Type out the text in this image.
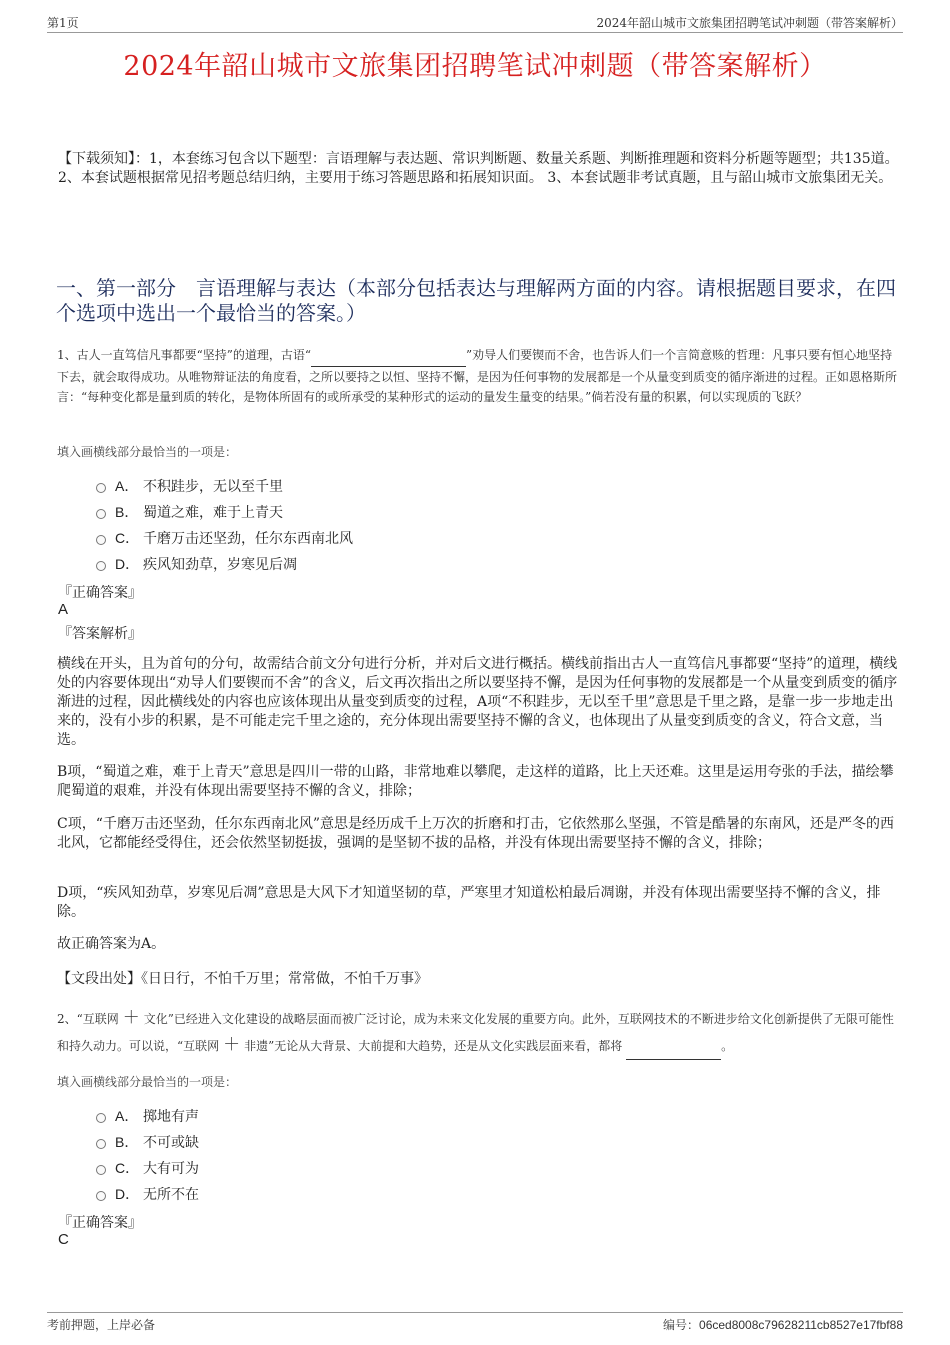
第1页	2024年韶山城市文旅集团招聘笔试冲刺题（带答案解析）
2024年韶山城市文旅集团招聘笔试冲刺题（带答案解析）
【下载须知】：1，本套练习包含以下题型：言语理解与表达题、常识判断题、数量关系题、判断推理题和资料分析题等题型；共135道。 2、本套试题根据常见招考题总结归纳，主要用于练习答题思路和拓展知识面。 3、本套试题非考试真题，且与韶山城市文旅集团无关。
一、第一部分　言语理解与表达（本部分包括表达与理解两方面的内容。请根据题目要求，在四个选项中选出一个最恰当的答案。）
1、古人一直笃信凡事都要“坚持”的道理，古语“	”劝导人们要锲而不舍，也告诉人们一个言简意赅的哲理：凡事只要有恒心地坚持下去，就会取得成功。从唯物辩证法的角度看，之所以要持之以恒、坚持不懈，是因为任何事物的发展都是一个从量变到质变的循序渐进的过程。正如恩格斯所言：“每种变化都是量到质的转化，是物体所固有的或所承受的某种形式的运动的量发生量变的结果。”倘若没有量的积累，何以实现质的飞跃？
填入画横线部分最恰当的一项是：
A． 不积跬步，无以至千里
B． 蜀道之难，难于上青天
C． 千磨万击还坚劲，任尔东西南北风
D． 疾风知劲草，岁寒见后凋
『正确答案』
A
『答案解析』
横线在开头，且为首句的分句，故需结合前文分句进行分析，并对后文进行概括。横线前指出古人一直笃信凡事都要“坚持”的道理，横线处的内容要体现出“劝导人们要锲而不舍”的含义，后文再次指出之所以要坚持不懈，是因为任何事物的发展都是一个从量变到质变的循序渐进的过程，因此横线处的内容也应该体现出从量变到质变的过程，A项“不积跬步，无以至千里”意思是千里之路，是靠一步一步地走出来的，没有小步的积累，是不可能走完千里之途的，充分体现出需要坚持不懈的含义，也体现出了从量变到质变的含义，符合文意，当选。
B项，“蜀道之难，难于上青天”意思是四川一带的山路，非常地难以攀爬，走这样的道路，比上天还难。这里是运用夸张的手法，描绘攀爬蜀道的艰难，并没有体现出需要坚持不懈的含义，排除；
C项，“千磨万击还坚劲，任尔东西南北风”意思是经历成千上万次的折磨和打击，它依然那么坚强，不管是酷暑的东南风，还是严冬的西北风，它都能经受得住，还会依然坚韧挺拔，强调的是坚韧不拔的品格，并没有体现出需要坚持不懈的含义，排除；
D项，“疾风知劲草，岁寒见后凋”意思是大风下才知道坚韧的草，严寒里才知道松柏最后凋谢，并没有体现出需要坚持不懈的含义，排除。
故正确答案为A。
【文段出处】《日日行，不怕千万里；常常做，不怕千万事》
2、“互联网 ＋ 文化”已经进入文化建设的战略层面而被广泛讨论，成为未来文化发展的重要方向。此外，互联网技术的不断进步给文化创新提供了无限可能性和持久动力。可以说，“互联网 ＋ 非遗”无论从大背景、大前提和大趋势，还是从文化实践层面来看，都将	。
填入画横线部分最恰当的一项是：
A． 掷地有声
B． 不可或缺
C． 大有可为
D． 无所不在
『正确答案』
C
考前押题，上岸必备	编号：06ced8008c79628211cb8527e17fbf88
